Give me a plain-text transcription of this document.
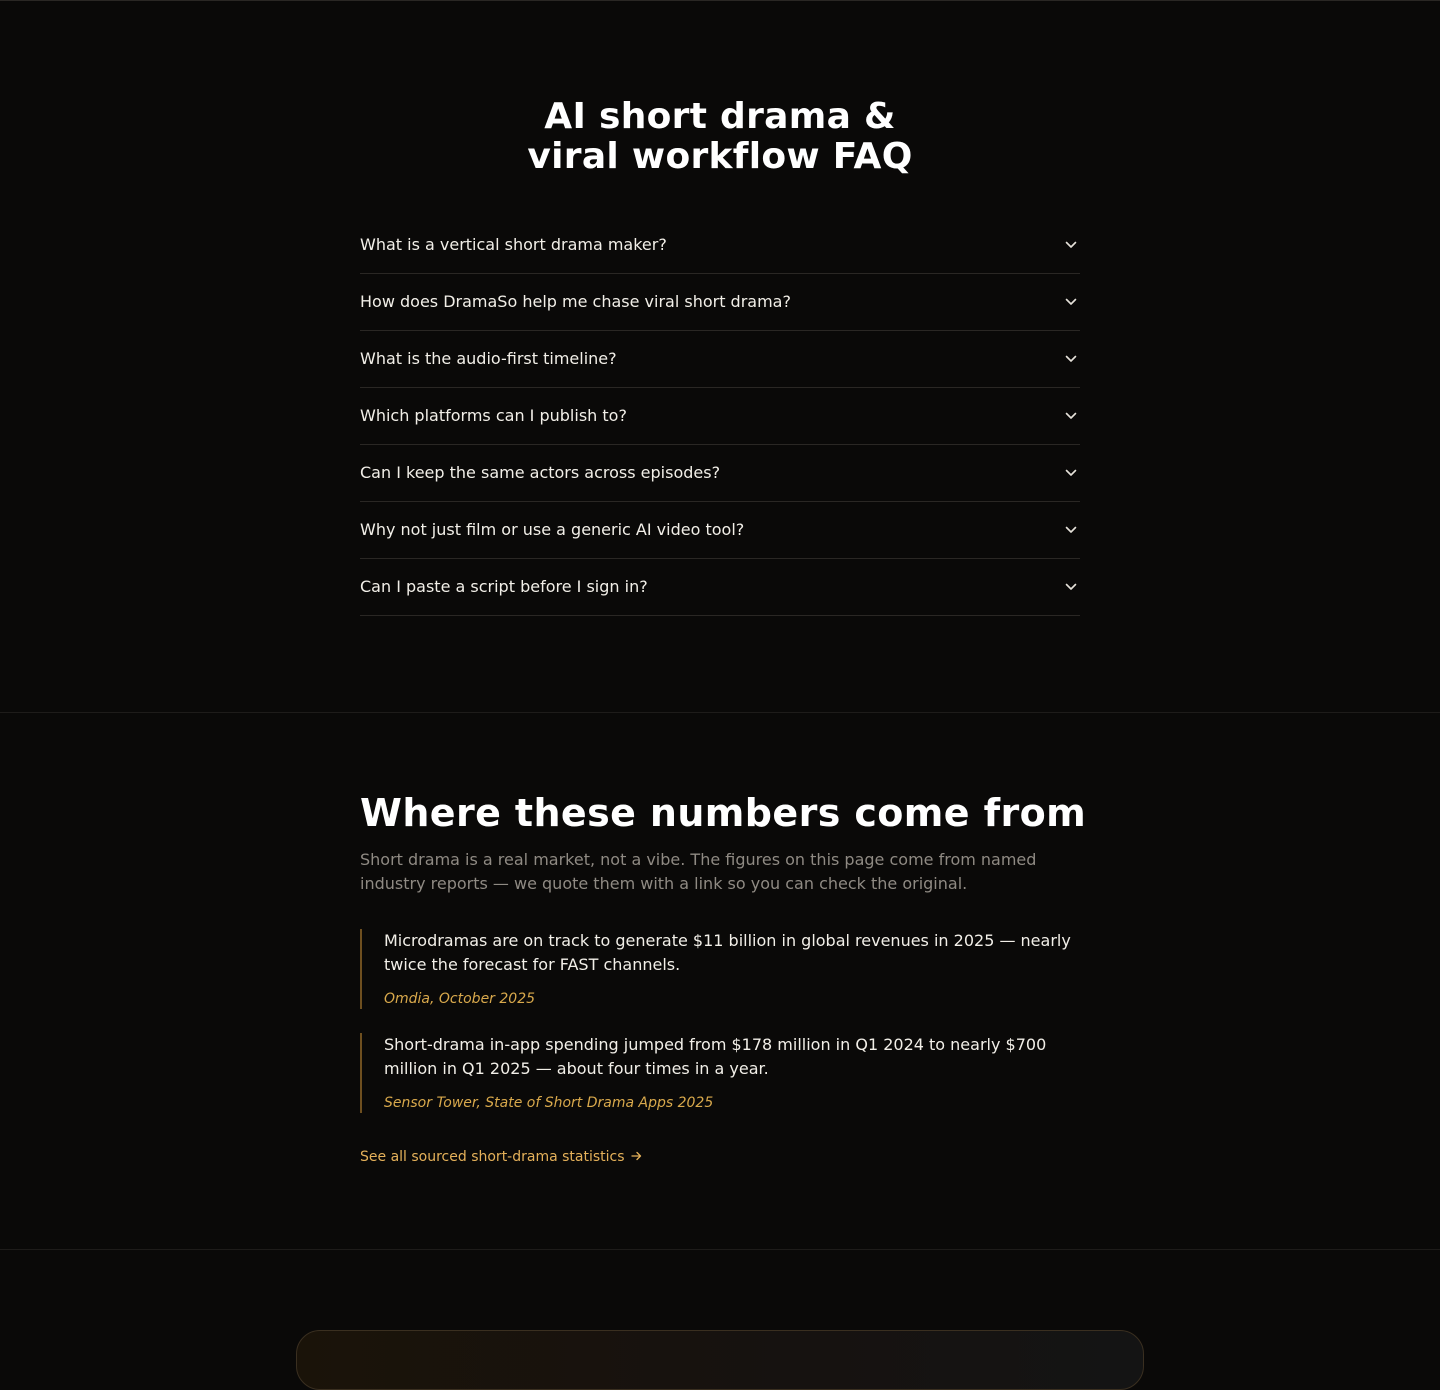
AI short drama &
viral workflow FAQ
What is a vertical short drama maker?
How does DramaSo help me chase viral short drama?
What is the audio-first timeline?
Which platforms can I publish to?
Can I keep the same actors across episodes?
Why not just film or use a generic AI video tool?
Can I paste a script before I sign in?
Where these numbers come from

Short drama is a real market, not a vibe. The figures on this page come from named industry reports — we quote them with a link so you can check the original.

Microdramas are on track to generate $11 billion in global revenues in 2025 — nearly twice the forecast for FAST channels.

Omdia, October 2025

Short-drama in-app spending jumped from $178 million in Q1 2024 to nearly $700 million in Q1 2025 — about four times in a year.

Sensor Tower, State of Short Drama Apps 2025
See all sourced short-drama statistics
